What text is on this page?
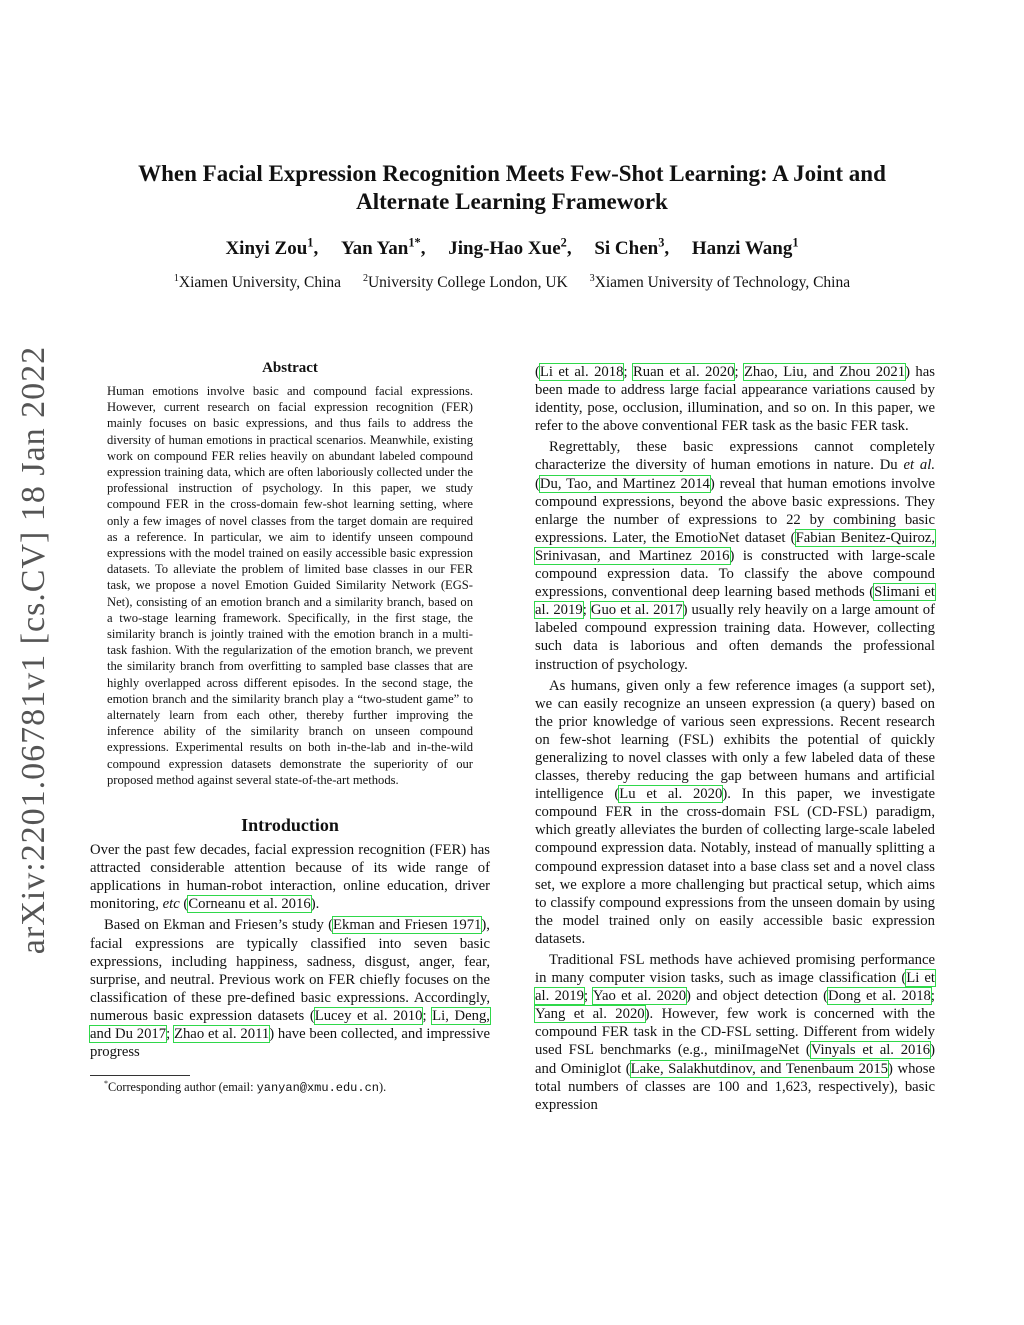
arXiv:2201.06781v1 [cs.CV] 18 Jan 2022
When Facial Expression Recognition Meets Few-Shot Learning: A Joint and
Alternate Learning Framework
Xinyi Zou$^1$, Yan Yan$^{1*}$, Jing-Hao Xue$^2$, Si Chen$^3$, Hanzi Wang$^1$
$^1$Xiamen University, China $^2$University College London, UK $^3$Xiamen University of Technology, China
Abstract
Human emotions involve basic and compound facial expressions. However, current research on facial expression recognition (FER) mainly focuses on basic expressions, and thus fails to address the diversity of human emotions in practical scenarios. Meanwhile, existing work on compound FER relies heavily on abundant labeled compound expression training data, which are often laboriously collected under the professional instruction of psychology. In this paper, we study compound FER in the cross-domain few-shot learning setting, where only a few images of novel classes from the target domain are required as a reference. In particular, we aim to identify unseen compound expressions with the model trained on easily accessible basic expression datasets. To alleviate the problem of limited base classes in our FER task, we propose a novel Emotion Guided Similarity Network (EGS-Net), consisting of an emotion branch and a similarity branch, based on a two-stage learning framework. Specifically, in the first stage, the similarity branch is jointly trained with the emotion branch in a multi-task fashion. With the regularization of the emotion branch, we prevent the similarity branch from overfitting to sampled base classes that are highly overlapped across different episodes. In the second stage, the emotion branch and the similarity branch play a “two-student game” to alternately learn from each other, thereby further improving the inference ability of the similarity branch on unseen compound expressions. Experimental results on both in-the-lab and in-the-wild compound expression datasets demonstrate the superiority of our proposed method against several state-of-the-art methods.
Introduction

Over the past few decades, facial expression recognition (FER) has attracted considerable attention because of its wide range of applications in human-robot interaction, online education, driver monitoring, etc (Corneanu et al. 2016).

Based on Ekman and Friesen’s study (Ekman and Friesen 1971), facial expressions are typically classified into seven basic expressions, including happiness, sadness, disgust, anger, fear, surprise, and neutral. Previous work on FER chiefly focuses on the classification of these pre-defined basic expressions. Accordingly, numerous basic expression datasets (Lucey et al. 2010; Li, Deng, and Du 2017; Zhao et al. 2011) have been collected, and impressive progress

*Corresponding author (email: yanyan@xmu.edu.cn).

(Li et al. 2018; Ruan et al. 2020; Zhao, Liu, and Zhou 2021) has been made to address large facial appearance variations caused by identity, pose, occlusion, illumination, and so on. In this paper, we refer to the above conventional FER task as the basic FER task.

Regrettably, these basic expressions cannot completely characterize the diversity of human emotions in nature. Du et al. (Du, Tao, and Martinez 2014) reveal that human emotions involve compound expressions, beyond the above basic expressions. They enlarge the number of expressions to 22 by combining basic expressions. Later, the EmotioNet dataset (Fabian Benitez-Quiroz, Srinivasan, and Martinez 2016) is constructed with large-scale compound expression data. To classify the above compound expressions, conventional deep learning based methods (Slimani et al. 2019; Guo et al. 2017) usually rely heavily on a large amount of labeled compound expression training data. However, collecting such data is laborious and often demands the professional instruction of psychology.

As humans, given only a few reference images (a support set), we can easily recognize an unseen expression (a query) based on the prior knowledge of various seen expressions. Recent research on few-shot learning (FSL) exhibits the potential of quickly generalizing to novel classes with only a few labeled data of these classes, thereby reducing the gap between humans and artificial intelligence (Lu et al. 2020). In this paper, we investigate compound FER in the cross-domain FSL (CD-FSL) paradigm, which greatly alleviates the burden of collecting large-scale labeled compound expression data. Notably, instead of manually splitting a compound expression dataset into a base class set and a novel class set, we explore a more challenging but practical setup, which aims to classify compound expressions from the unseen domain by using the model trained only on easily accessible basic expression datasets.

Traditional FSL methods have achieved promising performance in many computer vision tasks, such as image classification (Li et al. 2019; Yao et al. 2020) and object detection (Dong et al. 2018; Yang et al. 2020). However, few work is concerned with the compound FER task in the CD-FSL setting. Different from widely used FSL benchmarks (e.g., miniImageNet (Vinyals et al. 2016) and Ominiglot (Lake, Salakhutdinov, and Tenenbaum 2015) whose total numbers of classes are 100 and 1,623, respectively), basic expression
